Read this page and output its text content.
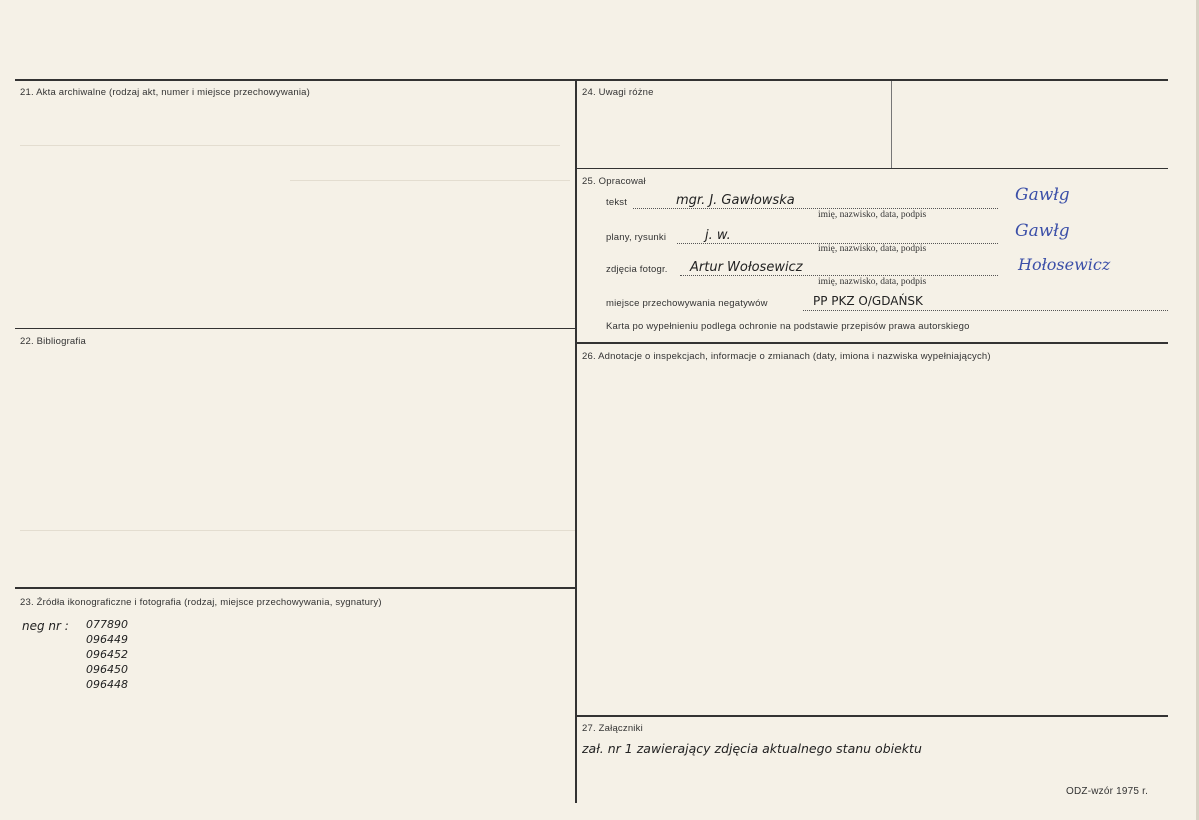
21. Akta archiwalne (rodzaj akt, numer i miejsce przechowywania)
22. Bibliografia
23. Źródła ikonograficzne i fotografia (rodzaj, miejsce przechowywania, sygnatury)
neg nr : 077890
096449
096452
096450
096448
24. Uwagi różne
25. Opracował
tekst	mgr. J. Gawłowska
imię, nazwisko, data, podpis
Gawłg
plany, rysunki	j. w.
imię, nazwisko, data, podpis
Gawłg
zdjęcia fotogr. Artur Wołosewicz
imię, nazwisko, data, podpis
Hołosewicz
miejsce przechowywania negatywów	PP PKZ O/GDAŃSK
Karta po wypełnieniu podlega ochronie na podstawie przepisów prawa autorskiego
26. Adnotacje o inspekcjach, informacje o zmianach (daty, imiona i nazwiska wypełniających)
27. Załączniki
zał. nr 1 zawierający zdjęcia aktualnego stanu obiektu
ODZ-wzór 1975 r.
